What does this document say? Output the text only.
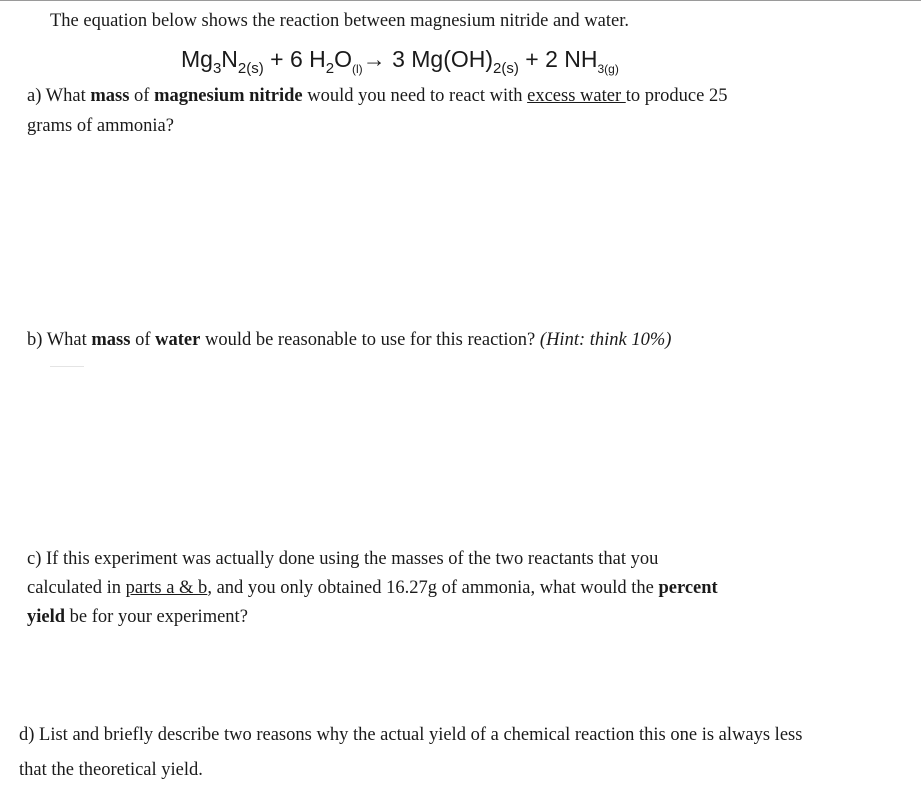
The equation below shows the reaction between magnesium nitride and water.
$Mg_3N_{2(s)} + 6$ $H_2O_{(l)}\to 3$ $Mg(OH)_{2(s)} + 2$ $NH_{3(g)}$
a) What mass of magnesium nitride would you need to react with excess water to produce 25
grams of ammonia?
b) What mass of water would be reasonable to use for this reaction? (Hint: think 10%)
c) If this experiment was actually done using the masses of the two reactants that you
calculated in parts a & b, and you only obtained 16.27g of ammonia, what would the percent
yield be for your experiment?
d) List and briefly describe two reasons why the actual yield of a chemical reaction this one is always less
that the theoretical yield.
